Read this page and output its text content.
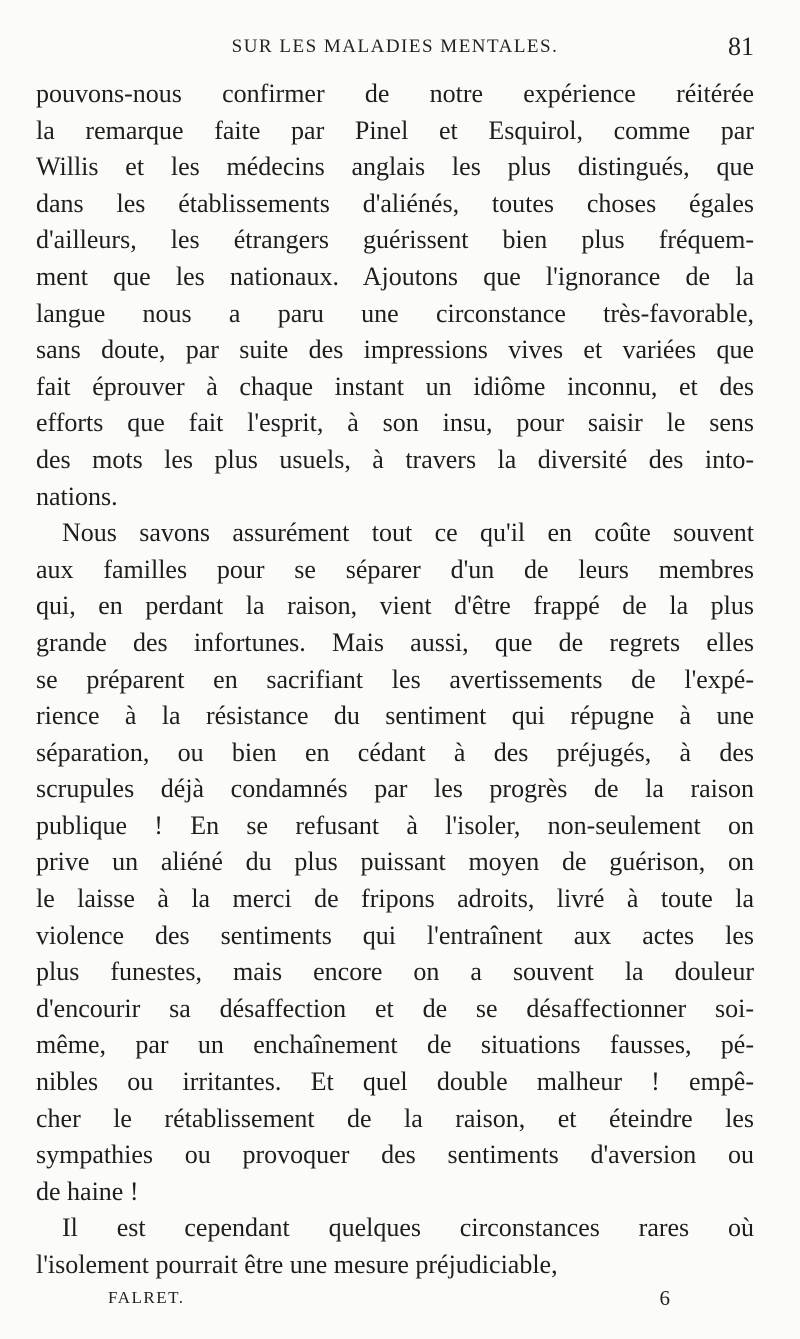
SUR LES MALADIES MENTALES.	81
pouvons-nous confirmer de notre expérience réitérée
la remarque faite par Pinel et Esquirol, comme par
Willis et les médecins anglais les plus distingués, que
dans les établissements d'aliénés, toutes choses égales
d'ailleurs, les étrangers guérissent bien plus fréquem-
ment que les nationaux. Ajoutons que l'ignorance de la
langue nous a paru une circonstance très-favorable,
sans doute, par suite des impressions vives et variées que
fait éprouver à chaque instant un idiôme inconnu, et des
efforts que fait l'esprit, à son insu, pour saisir le sens
des mots les plus usuels, à travers la diversité des into-
nations.
Nous savons assurément tout ce qu'il en coûte souvent
aux familles pour se séparer d'un de leurs membres
qui, en perdant la raison, vient d'être frappé de la plus
grande des infortunes. Mais aussi, que de regrets elles
se préparent en sacrifiant les avertissements de l'expé-
rience à la résistance du sentiment qui répugne à une
séparation, ou bien en cédant à des préjugés, à des
scrupules déjà condamnés par les progrès de la raison
publique ! En se refusant à l'isoler, non-seulement on
prive un aliéné du plus puissant moyen de guérison, on
le laisse à la merci de fripons adroits, livré à toute la
violence des sentiments qui l'entraînent aux actes les
plus funestes, mais encore on a souvent la douleur
d'encourir sa désaffection et de se désaffectionner soi-
même, par un enchaînement de situations fausses, pé-
nibles ou irritantes. Et quel double malheur ! empê-
cher le rétablissement de la raison, et éteindre les
sympathies ou provoquer des sentiments d'aversion ou
de haine !
Il est cependant quelques circonstances rares où
l'isolement pourrait être une mesure préjudiciable,
FALRET.	6
